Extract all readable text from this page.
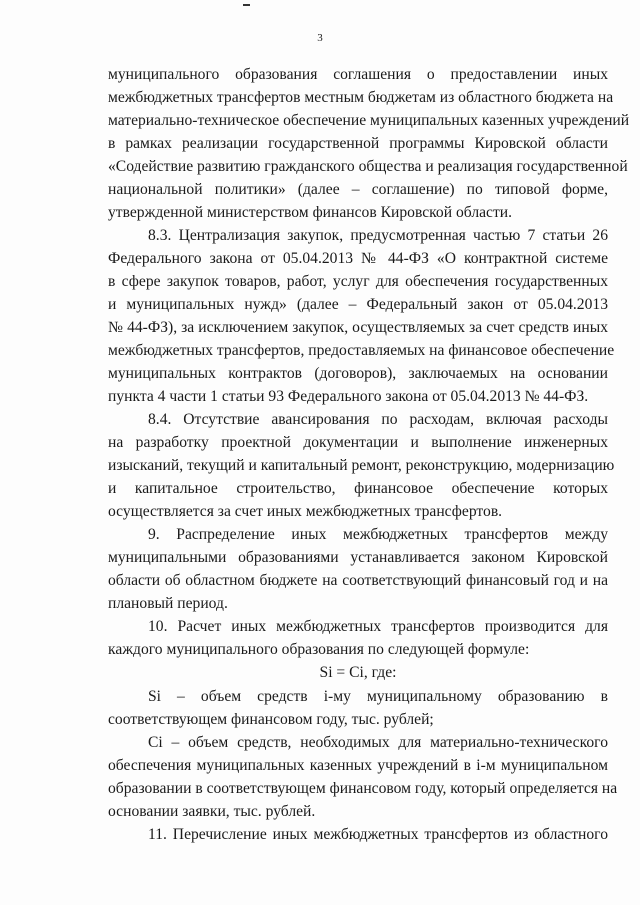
3
муниципального образования соглашения о предоставлении иных
межбюджетных трансфертов местным бюджетам из областного бюджета на
материально-техническое обеспечение муниципальных казенных учреждений
в рамках реализации государственной программы Кировской области
«Содействие развитию гражданского общества и реализация государственной
национальной политики» (далее – соглашение) по типовой форме,
утвержденной министерством финансов Кировской области.
8.3. Централизация закупок, предусмотренная частью 7 статьи 26
Федерального закона от 05.04.2013 № 44-ФЗ «О контрактной системе
в сфере закупок товаров, работ, услуг для обеспечения государственных
и муниципальных нужд» (далее – Федеральный закон от 05.04.2013
№ 44-ФЗ), за исключением закупок, осуществляемых за счет средств иных
межбюджетных трансфертов, предоставляемых на финансовое обеспечение
муниципальных контрактов (договоров), заключаемых на основании
пункта 4 части 1 статьи 93 Федерального закона от 05.04.2013 № 44-ФЗ.
8.4. Отсутствие авансирования по расходам, включая расходы
на разработку проектной документации и выполнение инженерных
изысканий, текущий и капитальный ремонт, реконструкцию, модернизацию
и капитальное строительство, финансовое обеспечение которых
осуществляется за счет иных межбюджетных трансфертов.
9. Распределение иных межбюджетных трансфертов между
муниципальными образованиями устанавливается законом Кировской
области об областном бюджете на соответствующий финансовый год и на
плановый период.
10. Расчет иных межбюджетных трансфертов производится для
каждого муниципального образования по следующей формуле:
Si = Ci, где:
Si – объем средств i-му муниципальному образованию в
соответствующем финансовом году, тыс. рублей;
Ci – объем средств, необходимых для материально-технического
обеспечения муниципальных казенных учреждений в i-м муниципальном
образовании в соответствующем финансовом году, который определяется на
основании заявки, тыс. рублей.
11. Перечисление иных межбюджетных трансфертов из областного
